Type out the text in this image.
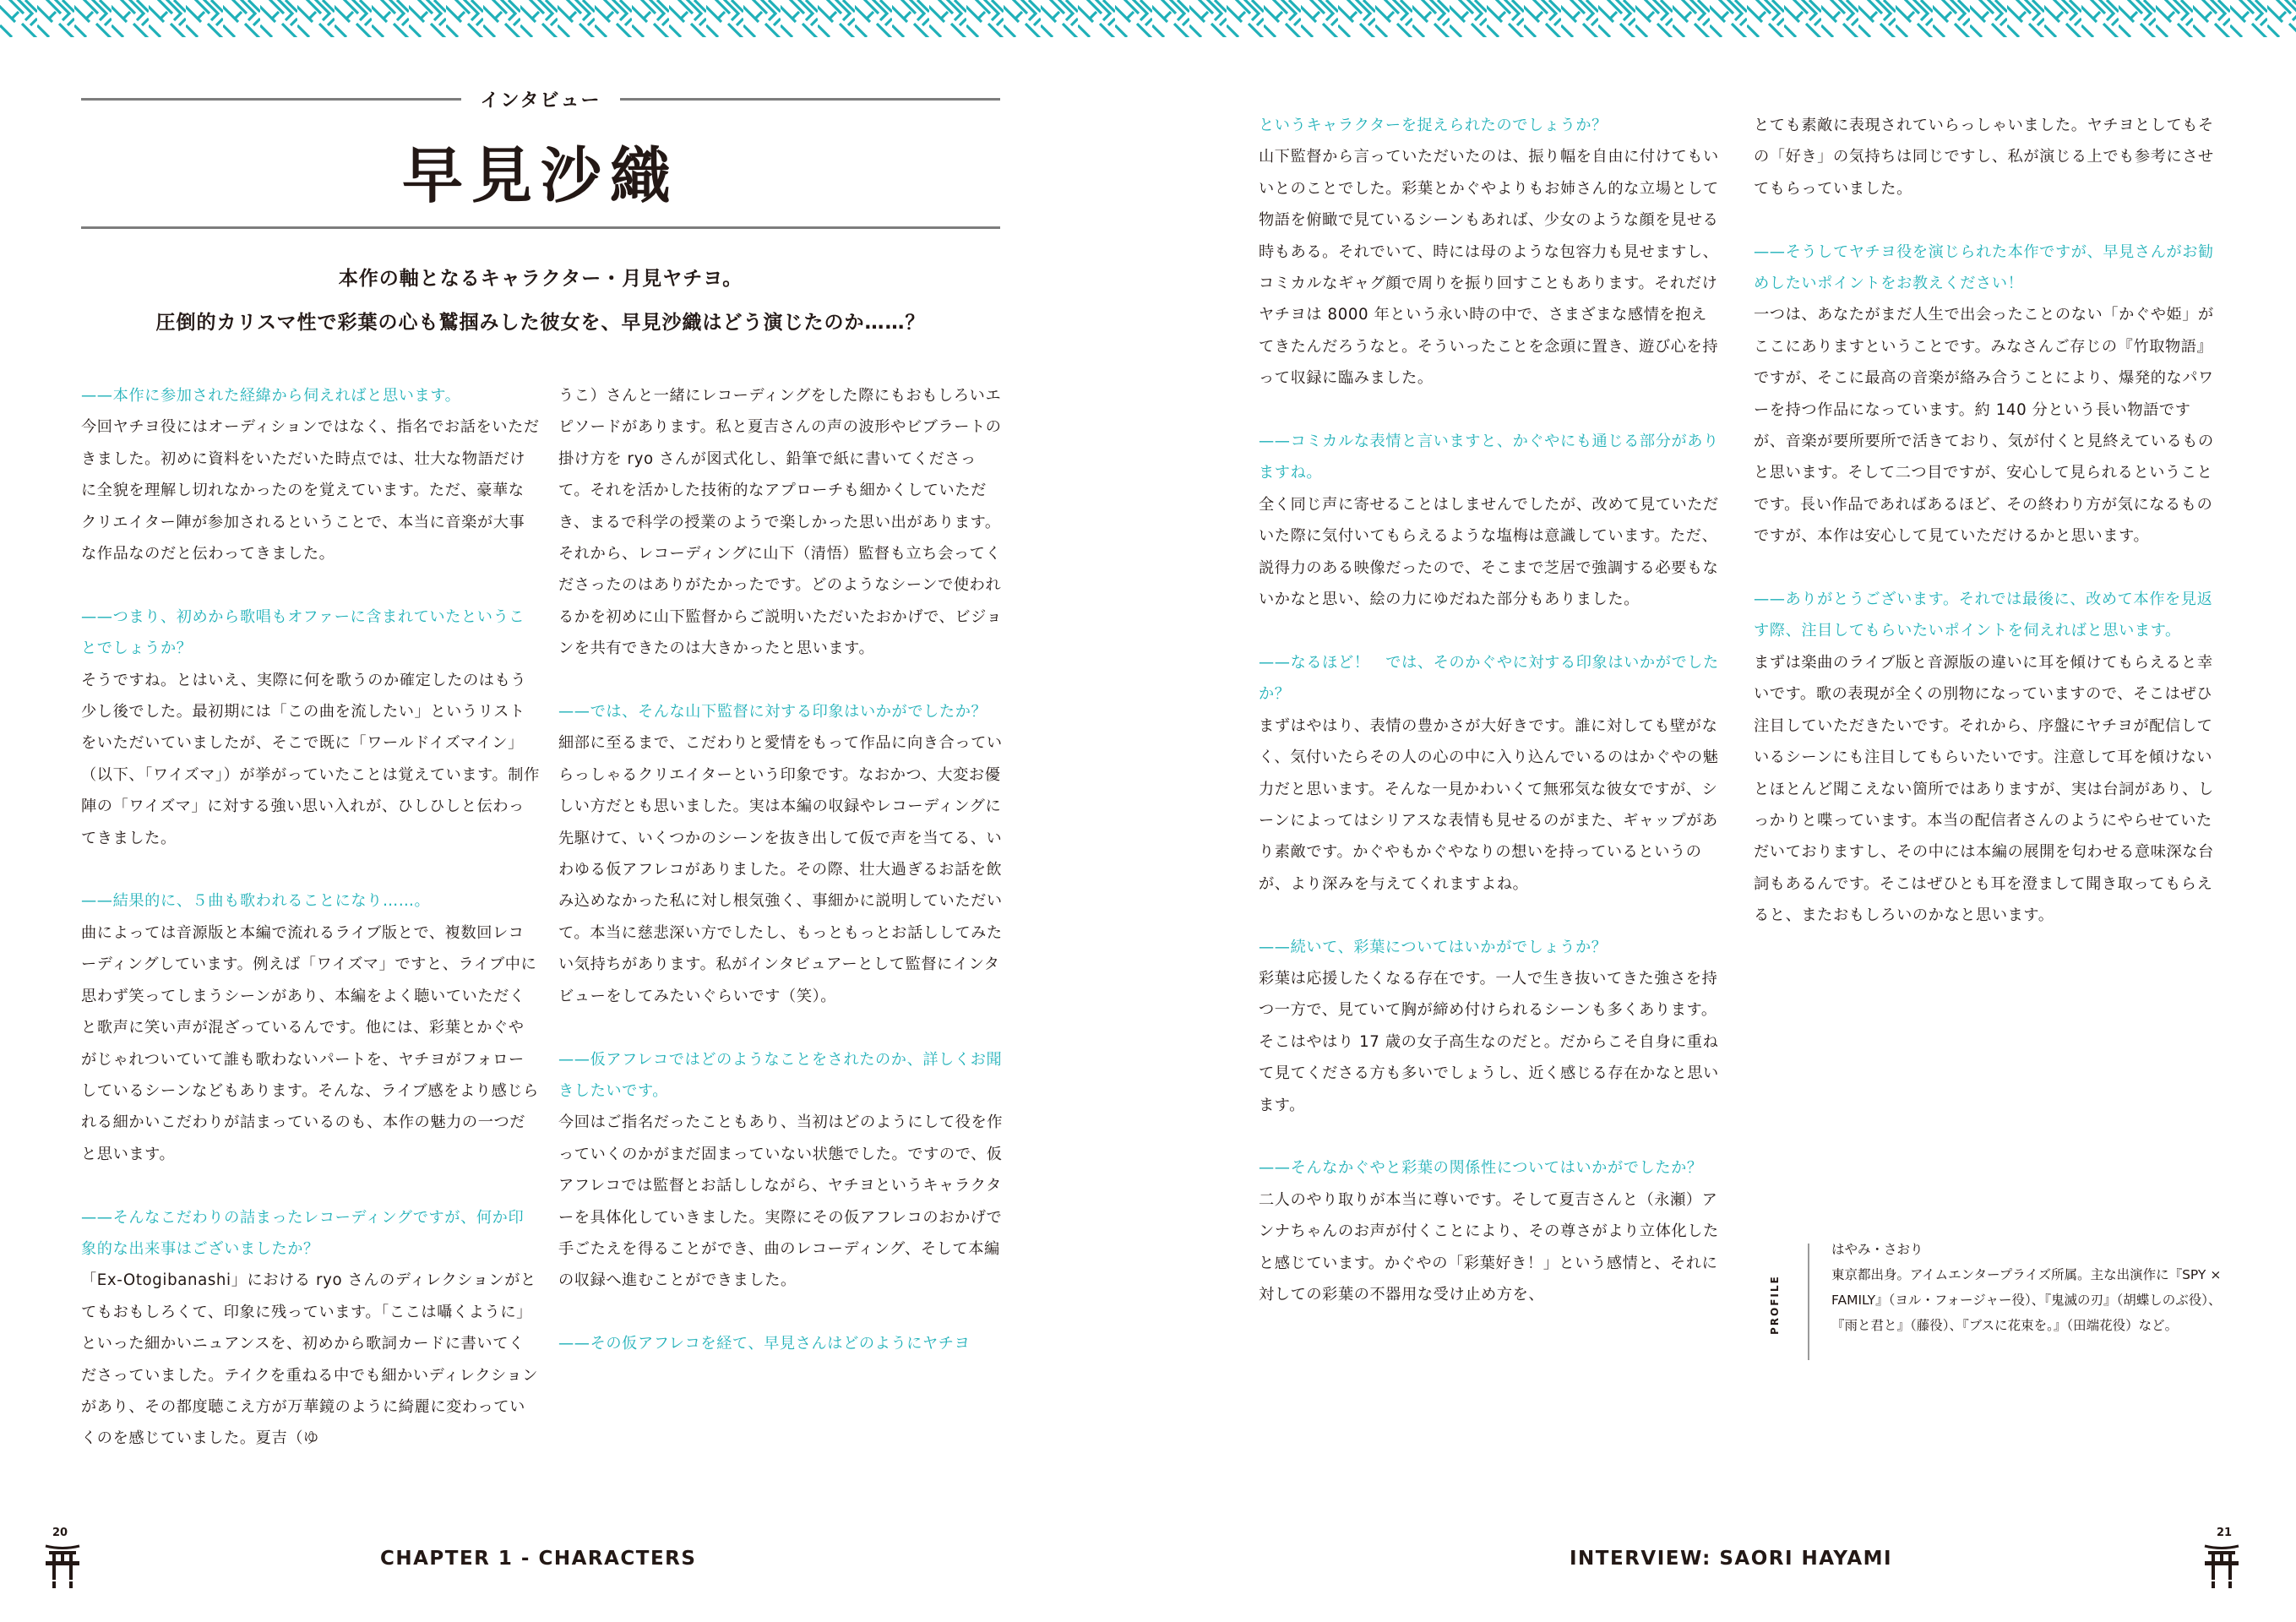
インタビュー
早見沙織
本作の軸となるキャラクター・月見ヤチヨ。
圧倒的カリスマ性で彩葉の心も鷲掴みした彼女を、早見沙織はどう演じたのか……？

——本作に参加された経緯から伺えればと思います。

今回ヤチヨ役にはオーディションではなく、指名でお話をいただきました。初めに資料をいただいた時点では、壮大な物語だけに全貌を理解し切れなかったのを覚えています。ただ、豪華なクリエイター陣が参加されるということで、本当に音楽が大事な作品なのだと伝わってきました。

——つまり、初めから歌唱もオファーに含まれていたということでしょうか？

そうですね。とはいえ、実際に何を歌うのか確定したのはもう少し後でした。最初期には「この曲を流したい」というリストをいただいていましたが、そこで既に「ワールドイズマイン」（以下、「ワイズマ」）が挙がっていたことは覚えています。制作陣の「ワイズマ」に対する強い思い入れが、ひしひしと伝わってきました。

——結果的に、５曲も歌われることになり……。

曲によっては音源版と本編で流れるライブ版とで、複数回レコーディングしています。例えば「ワイズマ」ですと、ライブ中に思わず笑ってしまうシーンがあり、本編をよく聴いていただくと歌声に笑い声が混ざっているんです。他には、彩葉とかぐやがじゃれついていて誰も歌わないパートを、ヤチヨがフォローしているシーンなどもあります。そんな、ライブ感をより感じられる細かいこだわりが詰まっているのも、本作の魅力の一つだと思います。

——そんなこだわりの詰まったレコーディングですが、何か印象的な出来事はございましたか？

「Ex-Otogibanashi」における ryo さんのディレクションがとてもおもしろくて、印象に残っています。「ここは囁くように」といった細かいニュアンスを、初めから歌詞カードに書いてくださっていました。テイクを重ねる中でも細かいディレクションがあり、その都度聴こえ方が万華鏡のように綺麗に変わっていくのを感じていました。夏吉（ゆ

うこ）さんと一緒にレコーディングをした際にもおもしろいエピソードがあります。私と夏吉さんの声の波形やビブラートの掛け方を ryo さんが図式化し、鉛筆で紙に書いてくださって。それを活かした技術的なアプローチも細かくしていただき、まるで科学の授業のようで楽しかった思い出があります。それから、レコーディングに山下（清悟）監督も立ち会ってくださったのはありがたかったです。どのようなシーンで使われるかを初めに山下監督からご説明いただいたおかげで、ビジョンを共有できたのは大きかったと思います。

——では、そんな山下監督に対する印象はいかがでしたか？

細部に至るまで、こだわりと愛情をもって作品に向き合っていらっしゃるクリエイターという印象です。なおかつ、大変お優しい方だとも思いました。実は本編の収録やレコーディングに先駆けて、いくつかのシーンを抜き出して仮で声を当てる、いわゆる仮アフレコがありました。その際、壮大過ぎるお話を飲み込めなかった私に対し根気強く、事細かに説明していただいて。本当に慈悲深い方でしたし、もっともっとお話ししてみたい気持ちがあります。私がインタビュアーとして監督にインタビューをしてみたいぐらいです（笑）。

——仮アフレコではどのようなことをされたのか、詳しくお聞きしたいです。

今回はご指名だったこともあり、当初はどのようにして役を作っていくのかがまだ固まっていない状態でした。ですので、仮アフレコでは監督とお話ししながら、ヤチヨというキャラクターを具体化していきました。実際にその仮アフレコのおかげで手ごたえを得ることができ、曲のレコーディング、そして本編の収録へ進むことができました。

——その仮アフレコを経て、早見さんはどのようにヤチヨ

というキャラクターを捉えられたのでしょうか？

山下監督から言っていただいたのは、振り幅を自由に付けてもいいとのことでした。彩葉とかぐやよりもお姉さん的な立場として物語を俯瞰で見ているシーンもあれば、少女のような顔を見せる時もある。それでいて、時には母のような包容力も見せますし、コミカルなギャグ顔で周りを振り回すこともあります。それだけヤチヨは 8000 年という永い時の中で、さまざまな感情を抱えてきたんだろうなと。そういったことを念頭に置き、遊び心を持って収録に臨みました。

——コミカルな表情と言いますと、かぐやにも通じる部分がありますね。

全く同じ声に寄せることはしませんでしたが、改めて見ていただいた際に気付いてもらえるような塩梅は意識しています。ただ、説得力のある映像だったので、そこまで芝居で強調する必要もないかなと思い、絵の力にゆだねた部分もありました。

——なるほど！　では、そのかぐやに対する印象はいかがでしたか？

まずはやはり、表情の豊かさが大好きです。誰に対しても壁がなく、気付いたらその人の心の中に入り込んでいるのはかぐやの魅力だと思います。そんな一見かわいくて無邪気な彼女ですが、シーンによってはシリアスな表情も見せるのがまた、ギャップがあり素敵です。かぐやもかぐやなりの想いを持っているというのが、より深みを与えてくれますよね。

——続いて、彩葉についてはいかがでしょうか？

彩葉は応援したくなる存在です。一人で生き抜いてきた強さを持つ一方で、見ていて胸が締め付けられるシーンも多くあります。そこはやはり 17 歳の女子高生なのだと。だからこそ自身に重ねて見てくださる方も多いでしょうし、近く感じる存在かなと思います。

——そんなかぐやと彩葉の関係性についてはいかがでしたか？

二人のやり取りが本当に尊いです。そして夏吉さんと（永瀬）アンナちゃんのお声が付くことにより、その尊さがより立体化したと感じています。かぐやの「彩葉好き！」という感情と、それに対しての彩葉の不器用な受け止め方を、

とても素敵に表現されていらっしゃいました。ヤチヨとしてもその「好き」の気持ちは同じですし、私が演じる上でも参考にさせてもらっていました。

——そうしてヤチヨ役を演じられた本作ですが、早見さんがお勧めしたいポイントをお教えください！

一つは、あなたがまだ人生で出会ったことのない「かぐや姫」がここにありますということです。みなさんご存じの『竹取物語』ですが、そこに最高の音楽が絡み合うことにより、爆発的なパワーを持つ作品になっています。約 140 分という長い物語ですが、音楽が要所要所で活きており、気が付くと見終えているものと思います。そして二つ目ですが、安心して見られるということです。長い作品であればあるほど、その終わり方が気になるものですが、本作は安心して見ていただけるかと思います。

——ありがとうございます。それでは最後に、改めて本作を見返す際、注目してもらいたいポイントを伺えればと思います。

まずは楽曲のライブ版と音源版の違いに耳を傾けてもらえると幸いです。歌の表現が全くの別物になっていますので、そこはぜひ注目していただきたいです。それから、序盤にヤチヨが配信しているシーンにも注目してもらいたいです。注意して耳を傾けないとほとんど聞こえない箇所ではありますが、実は台詞があり、しっかりと喋っています。本当の配信者さんのようにやらせていただいておりますし、その中には本編の展開を匂わせる意味深な台詞もあるんです。そこはぜひとも耳を澄まして聞き取ってもらえると、またおもしろいのかなと思います。

PROFILE

はやみ・さおり

東京都出身。アイムエンタープライズ所属。主な出演作に『SPY × FAMILY』（ヨル・フォージャー役）、『鬼滅の刃』（胡蝶しのぶ役）、『雨と君と』（藤役）、『ブスに花束を。』（田端花役）など。

20
CHAPTER 1 - CHARACTERS	INTERVIEW: SAORI HAYAMI
21
